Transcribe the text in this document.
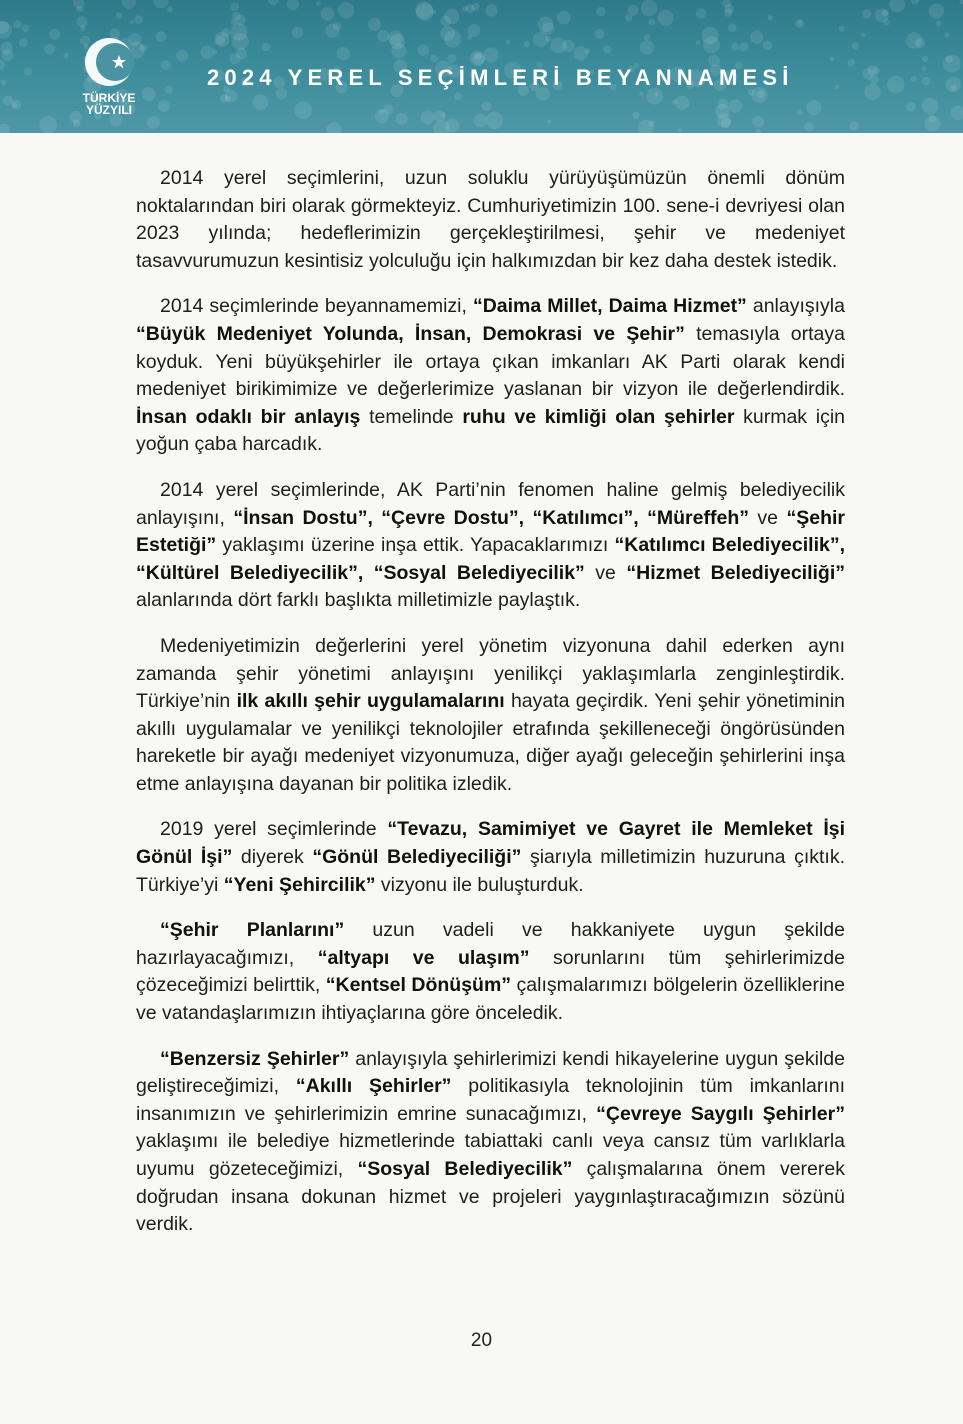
TÜRKİYE
YÜZYILI
2024 YEREL SEÇİMLERİ BEYANNAMESİ

2014 yerel seçimlerini, uzun soluklu yürüyüşümüzün önemli dönüm noktalarından biri olarak görmekteyiz. Cumhuriyetimizin 100. sene-i devriyesi olan 2023 yılında; hedeflerimizin gerçekleştirilmesi, şehir ve medeniyet tasavvurumuzun kesintisiz yolculuğu için halkımızdan bir kez daha destek istedik.

2014 seçimlerinde beyannamemizi, “Daima Millet, Daima Hizmet” anlayışıyla “Büyük Medeniyet Yolunda, İnsan, Demokrasi ve Şehir” temasıyla ortaya koyduk. Yeni büyükşehirler ile ortaya çıkan imkanları AK Parti olarak kendi medeniyet birikimimize ve değerlerimize yaslanan bir vizyon ile değerlendirdik. İnsan odaklı bir anlayış temelinde ruhu ve kimliği olan şehirler kurmak için yoğun çaba harcadık.

2014 yerel seçimlerinde, AK Parti’nin fenomen haline gelmiş belediyecilik anlayışını, “İnsan Dostu”, “Çevre Dostu”, “Katılımcı”, “Müreffeh” ve “Şehir Estetiği” yaklaşımı üzerine inşa ettik. Yapacaklarımızı “Katılımcı Belediyecilik”, “Kültürel Belediyecilik”, “Sosyal Belediyecilik” ve “Hizmet Belediyeciliği” alanlarında dört farklı başlıkta milletimizle paylaştık.

Medeniyetimizin değerlerini yerel yönetim vizyonuna dahil ederken aynı zamanda şehir yönetimi anlayışını yenilikçi yaklaşımlarla zenginleştirdik. Türkiye’nin ilk akıllı şehir uygulamalarını hayata geçirdik. Yeni şehir yönetiminin akıllı uygulamalar ve yenilikçi teknolojiler etrafında şekilleneceği öngörüsünden hareketle bir ayağı medeniyet vizyonumuza, diğer ayağı geleceğin şehirlerini inşa etme anlayışına dayanan bir politika izledik.

2019 yerel seçimlerinde “Tevazu, Samimiyet ve Gayret ile Memleket İşi Gönül İşi” diyerek “Gönül Belediyeciliği” şiarıyla milletimizin huzuruna çıktık. Türkiye’yi “Yeni Şehircilik” vizyonu ile buluşturduk.

“Şehir Planlarını” uzun vadeli ve hakkaniyete uygun şekilde hazırlayacağımızı, “altyapı ve ulaşım” sorunlarını tüm şehirlerimizde çözeceğimizi belirttik, “Kentsel Dönüşüm” çalışmalarımızı bölgelerin özelliklerine ve vatandaşlarımızın ihtiyaçlarına göre önceledik.

“Benzersiz Şehirler” anlayışıyla şehirlerimizi kendi hikayelerine uygun şekilde geliştireceğimizi, “Akıllı Şehirler” politikasıyla teknolojinin tüm imkanlarını insanımızın ve şehirlerimizin emrine sunacağımızı, “Çevreye Saygılı Şehirler” yaklaşımı ile belediye hizmetlerinde tabiattaki canlı veya cansız tüm varlıklarla uyumu gözeteceğimizi, “Sosyal Belediyecilik” çalışmalarına önem vererek doğrudan insana dokunan hizmet ve projeleri yaygınlaştıracağımızın sözünü verdik.

20
